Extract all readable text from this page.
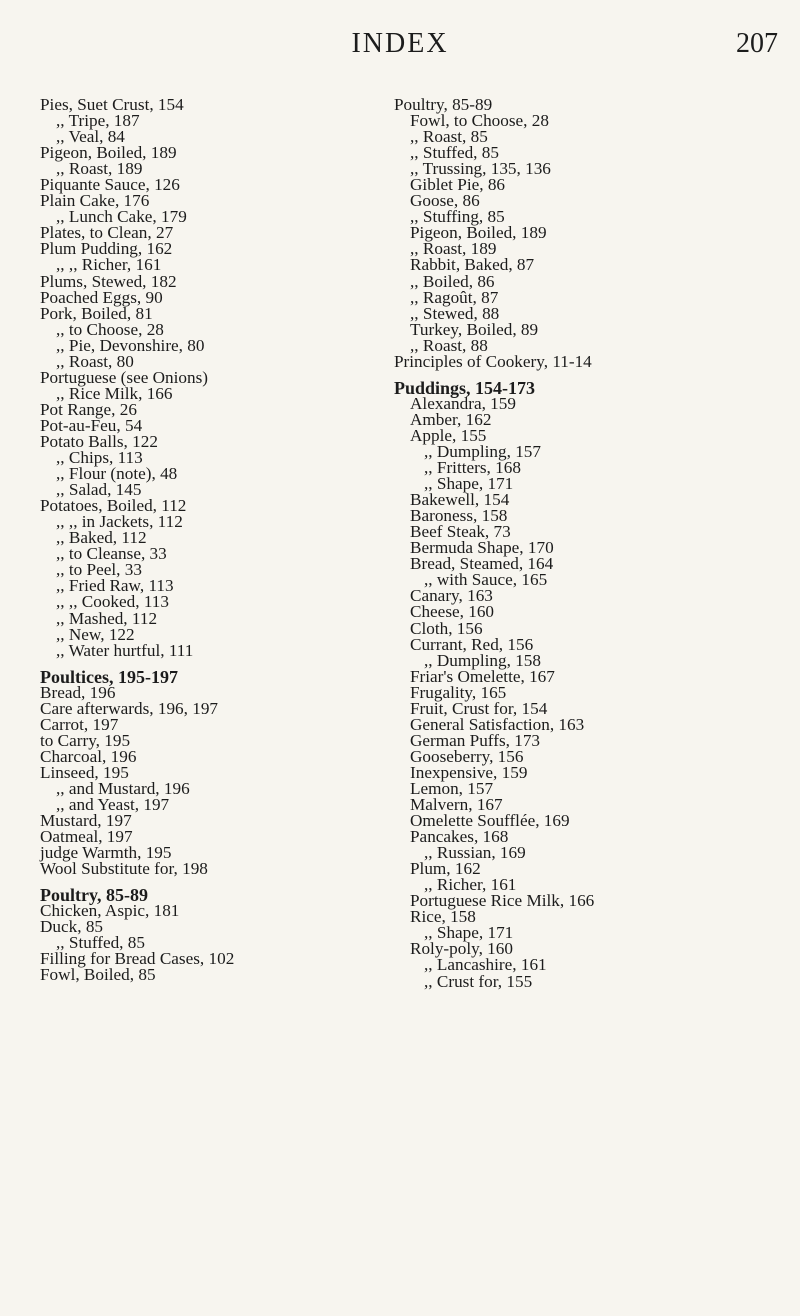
INDEX	207
Pies, Suet Crust, 154
,, Tripe, 187
,, Veal, 84
Pigeon, Boiled, 189
,, Roast, 189
Piquante Sauce, 126
Plain Cake, 176
,, Lunch Cake, 179
Plates, to Clean, 27
Plum Pudding, 162
,, ,, Richer, 161
Plums, Stewed, 182
Poached Eggs, 90
Pork, Boiled, 81
,, to Choose, 28
,, Pie, Devonshire, 80
,, Roast, 80
Portuguese (see Onions)
,, Rice Milk, 166
Pot Range, 26
Pot-au-Feu, 54
Potato Balls, 122
,, Chips, 113
,, Flour (note), 48
,, Salad, 145
Potatoes, Boiled, 112
,, ,, in Jackets, 112
,, Baked, 112
,, to Cleanse, 33
,, to Peel, 33
,, Fried Raw, 113
,, ,, Cooked, 113
,, Mashed, 112
,, New, 122
,, Water hurtful, 111
Poultices, 195-197
Bread, 196
Care afterwards, 196, 197
Carrot, 197
to Carry, 195
Charcoal, 196
Linseed, 195
,, and Mustard, 196
,, and Yeast, 197
Mustard, 197
Oatmeal, 197
judge Warmth, 195
Wool Substitute for, 198
Poultry, 85-89
Chicken, Aspic, 181
Duck, 85
,, Stuffed, 85
Filling for Bread Cases, 102
Fowl, Boiled, 85
Poultry, 85-89
Fowl, to Choose, 28
,, Roast, 85
,, Stuffed, 85
,, Trussing, 135, 136
Giblet Pie, 86
Goose, 86
,, Stuffing, 85
Pigeon, Boiled, 189
,, Roast, 189
Rabbit, Baked, 87
,, Boiled, 86
,, Ragoût, 87
,, Stewed, 88
Turkey, Boiled, 89
,, Roast, 88
Principles of Cookery, 11-14
Puddings, 154-173
Alexandra, 159
Amber, 162
Apple, 155
,, Dumpling, 157
,, Fritters, 168
,, Shape, 171
Bakewell, 154
Baroness, 158
Beef Steak, 73
Bermuda Shape, 170
Bread, Steamed, 164
,, with Sauce, 165
Canary, 163
Cheese, 160
Cloth, 156
Currant, Red, 156
,, Dumpling, 158
Friar's Omelette, 167
Frugality, 165
Fruit, Crust for, 154
General Satisfaction, 163
German Puffs, 173
Gooseberry, 156
Inexpensive, 159
Lemon, 157
Malvern, 167
Omelette Soufflée, 169
Pancakes, 168
,, Russian, 169
Plum, 162
,, Richer, 161
Portuguese Rice Milk, 166
Rice, 158
,, Shape, 171
Roly-poly, 160
,, Lancashire, 161
,, Crust for, 155
